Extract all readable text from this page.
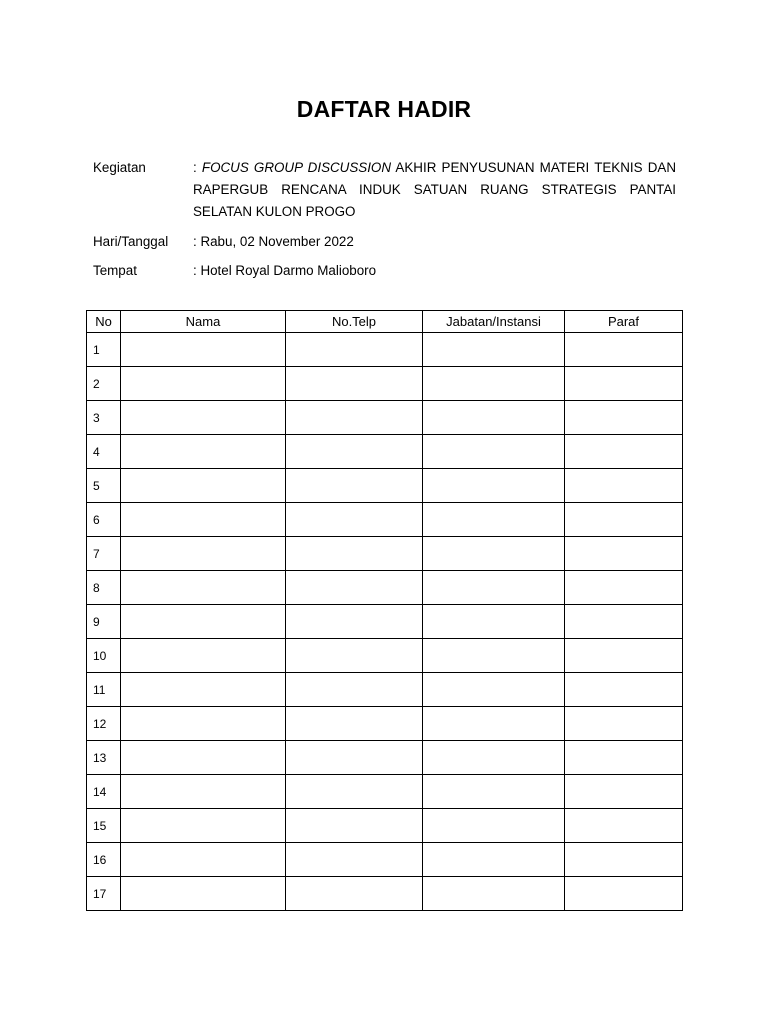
DAFTAR HADIR
Kegiatan	: FOCUS GROUP DISCUSSION AKHIR PENYUSUNAN MATERI TEKNIS DAN
RAPERGUB RENCANA INDUK SATUAN RUANG STRATEGIS PANTAI
SELATAN KULON PROGO
Hari/Tanggal	: Rabu, 02 November 2022
Tempat	: Hotel Royal Darmo Malioboro
No	Nama	No.Telp	Jabatan/Instansi	Paraf
1				
2				
3				
4				
5				
6				
7				
8				
9				
10				
11				
12				
13				
14				
15				
16				
17				
